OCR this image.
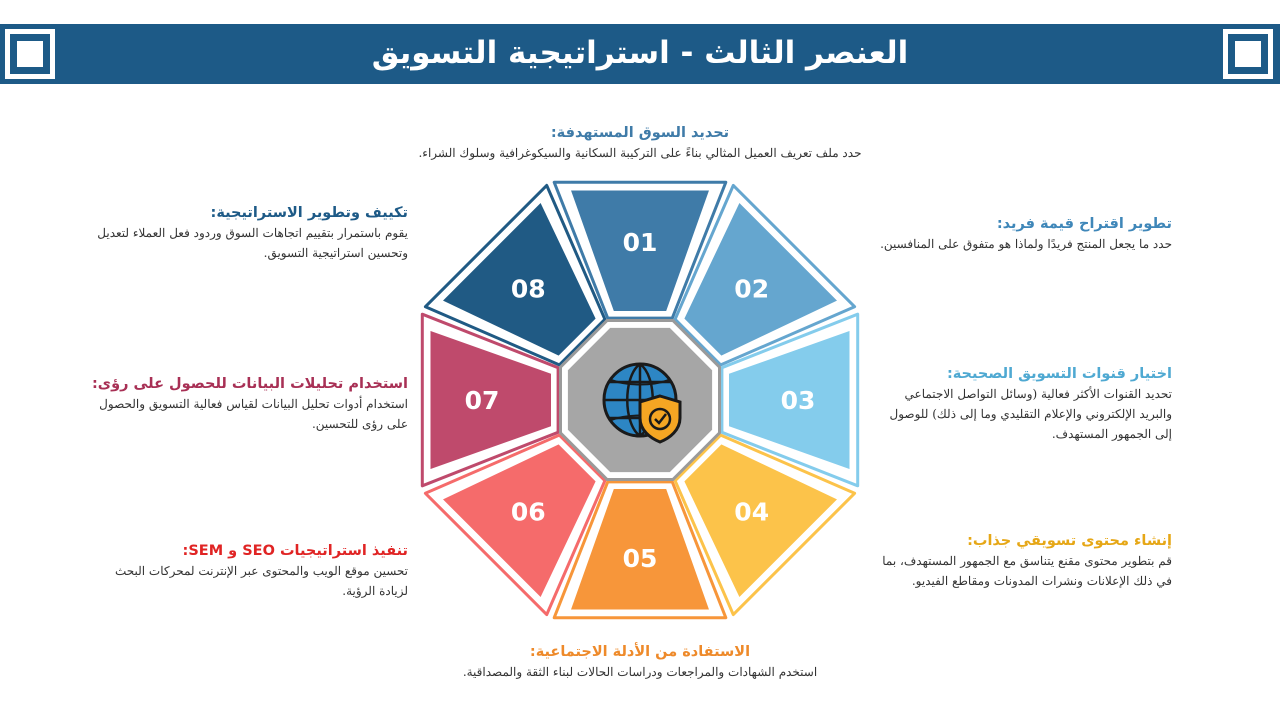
العنصر الثالث - استراتيجية التسويق
01
02
03
04
05
06
07
08
تحديد السوق المستهدفة:
حدد ملف تعريف العميل المثالي بناءً على التركيبة السكانية والسيكوغرافية وسلوك الشراء.
تطوير اقتراح قيمة فريد:
حدد ما يجعل المنتج فريدًا ولماذا هو متفوق على المنافسين.
اختيار قنوات التسويق الصحيحة:
تحديد القنوات الأكثر فعالية (وسائل التواصل الاجتماعي والبريد الإلكتروني والإعلام التقليدي وما إلى ذلك) للوصول إلى الجمهور المستهدف.
إنشاء محتوى تسويقي جذاب:
قم بتطوير محتوى مقنع يتناسق مع الجمهور المستهدف، بما في ذلك الإعلانات ونشرات المدونات ومقاطع الفيديو.
الاستفادة من الأدلة الاجتماعية:
استخدم الشهادات والمراجعات ودراسات الحالات لبناء الثقة والمصداقية.
تنفيذ استراتيجيات SEO و SEM:
تحسين موقع الويب والمحتوى عبر الإنترنت لمحركات البحث لزيادة الرؤية.
استخدام تحليلات البيانات للحصول على رؤى:
استخدام أدوات تحليل البيانات لقياس فعالية التسويق والحصول على رؤى للتحسين.
تكييف وتطوير الاستراتيجية:
يقوم باستمرار بتقييم اتجاهات السوق وردود فعل العملاء لتعديل وتحسين استراتيجية التسويق.
